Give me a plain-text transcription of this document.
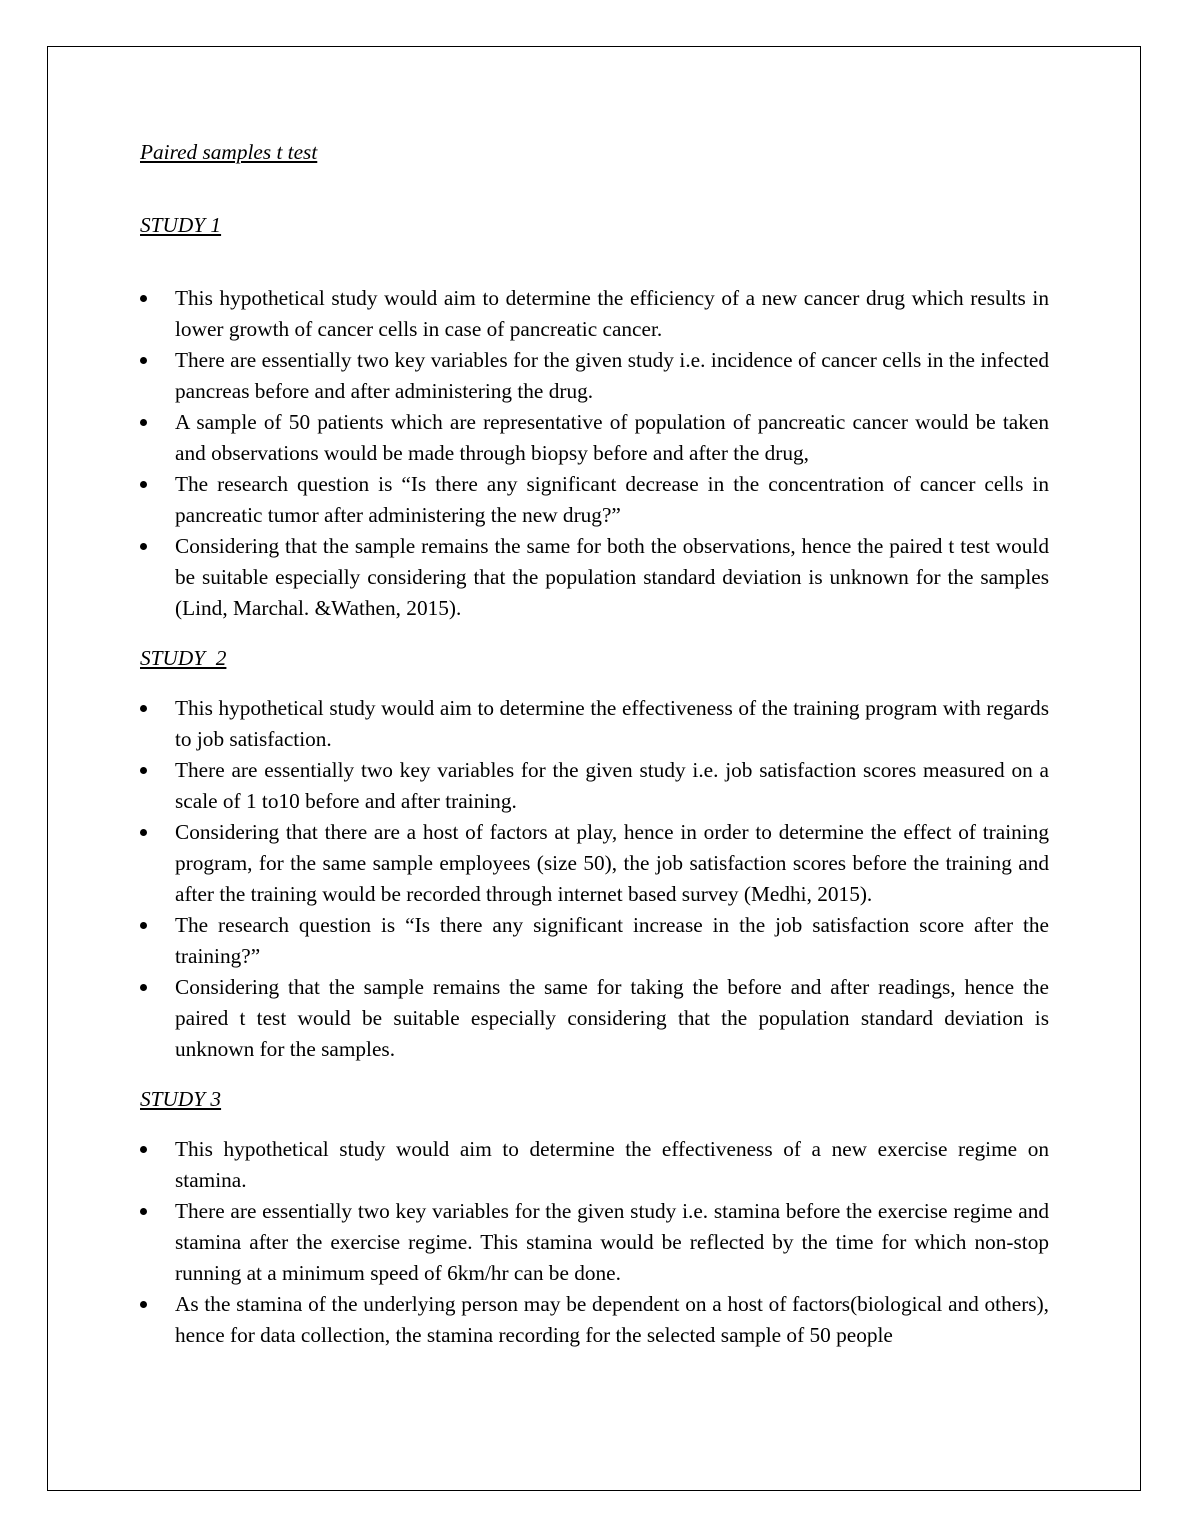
Paired samples t test

STUDY 1

This hypothetical study would aim to determine the efficiency of a new cancer drug which results in lower growth of cancer cells in case of pancreatic cancer.
There are essentially two key variables for the given study i.e. incidence of cancer cells in the infected pancreas before and after administering the drug.
A sample of 50 patients which are representative of population of pancreatic cancer would be taken and observations would be made through biopsy before and after the drug,
The research question is “Is there any significant decrease in the concentration of cancer cells in pancreatic tumor after administering the new drug?”
Considering that the sample remains the same for both the observations, hence the paired t test would be suitable especially considering that the population standard deviation is unknown for the samples (Lind, Marchal. &Wathen, 2015).

STUDY  2

This hypothetical study would aim to determine the effectiveness of the training program with regards to job satisfaction.
There are essentially two key variables for the given study i.e. job satisfaction scores measured on a scale of 1 to10 before and after training.
Considering that there are a host of factors at play, hence in order to determine the effect of training program, for the same sample employees (size 50), the job satisfaction scores before the training and after the training would be recorded through internet based survey (Medhi, 2015).
The research question is “Is there any significant increase in the job satisfaction score after the training?”
Considering that the sample remains the same for taking the before and after readings, hence the paired t test would be suitable especially considering that the population standard deviation is unknown for the samples.

STUDY 3

This hypothetical study would aim to determine the effectiveness of a new exercise regime on stamina.
There are essentially two key variables for the given study i.e. stamina before the exercise regime and stamina after the exercise regime. This stamina would be reflected by the time for which non-stop running at a minimum speed of 6km/hr can be done.
As the stamina of the underlying person may be dependent on a host of factors(biological and others), hence for data collection, the stamina recording for the selected sample of 50 people
